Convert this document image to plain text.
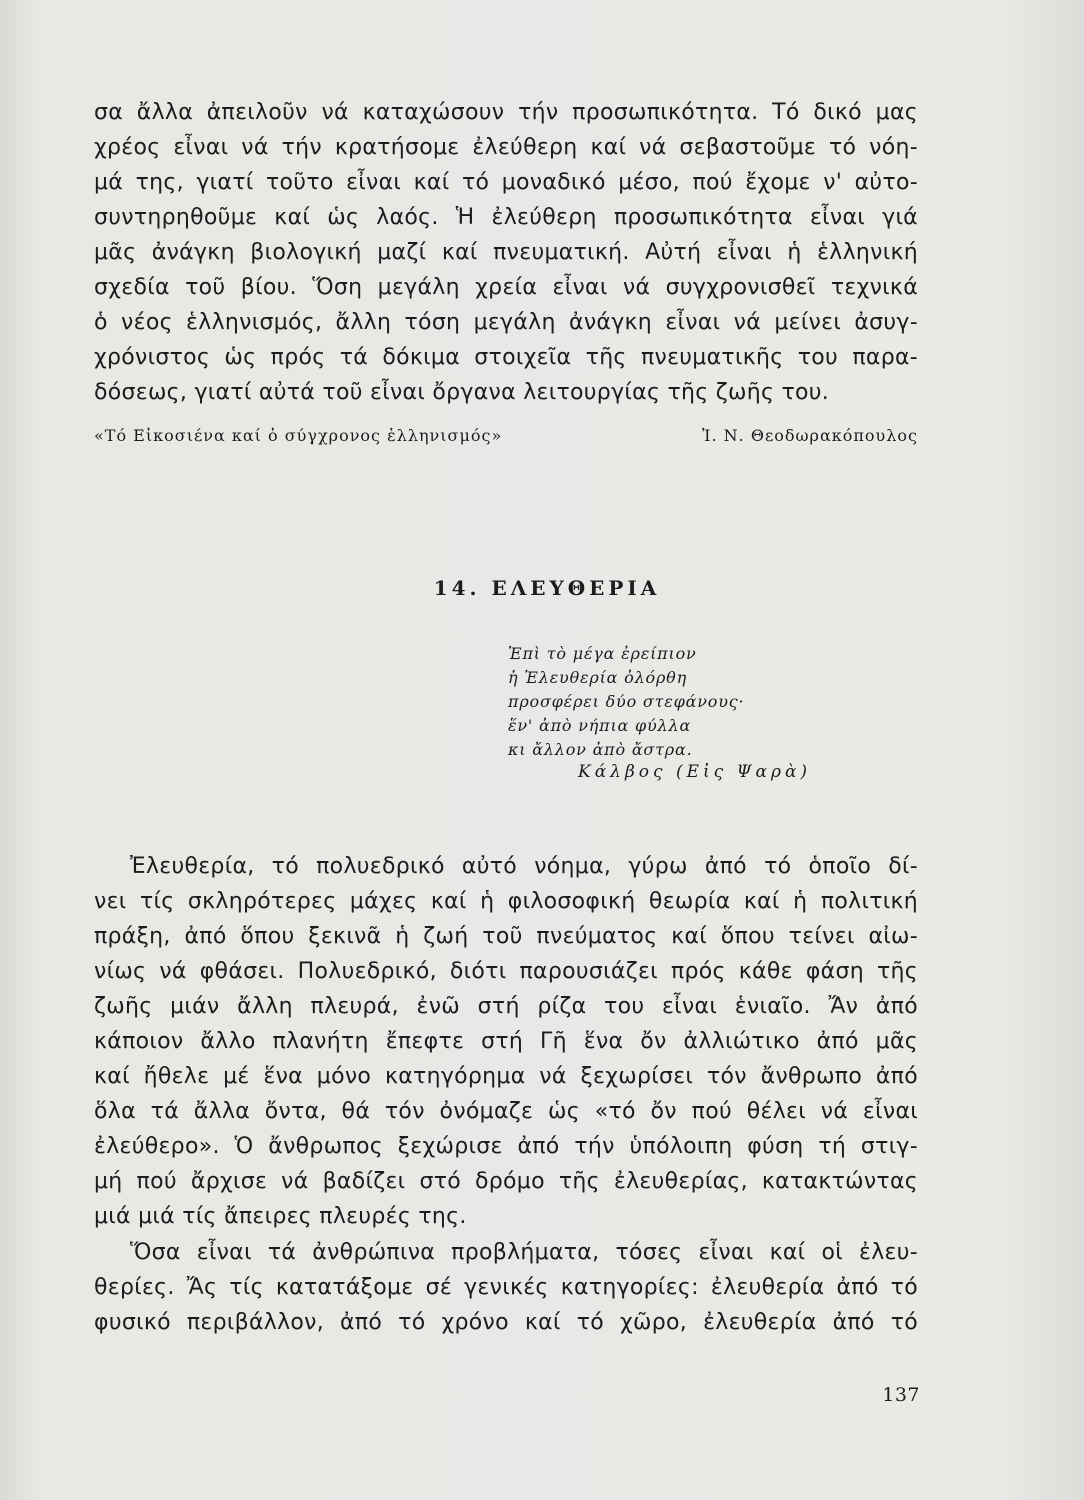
σα ἄλλα ἀπειλοῦν νά καταχώσουν τήν προσωπικότητα. Τό δικό μας
χρέος εἶναι νά τήν κρατήσομε ἐλεύθερη καί νά σεβαστοῦμε τό νόη-
μά της, γιατί τοῦτο εἶναι καί τό μοναδικό μέσο, πού ἔχομε ν' αὐτο-
συντηρηθοῦμε καί ὡς λαός. Ἡ ἐλεύθερη προσωπικότητα εἶναι γιά
μᾶς ἀνάγκη βιολογική μαζί καί πνευματική. Αὐτή εἶναι ἡ ἑλληνική
σχεδία τοῦ βίου. Ὅση μεγάλη χρεία εἶναι νά συγχρονισθεῖ τεχνικά
ὁ νέος ἑλληνισμός, ἄλλη τόση μεγάλη ἀνάγκη εἶναι νά μείνει ἀσυγ-
χρόνιστος ὡς πρός τά δόκιμα στοιχεῖα τῆς πνευματικῆς του παρα-
δόσεως, γιατί αὐτά τοῦ εἶναι ὄργανα λειτουργίας τῆς ζωῆς του.
«Τό Εἰκοσιένα καί ὁ σύγχρονος ἑλληνισμός»	Ἰ. Ν. Θεοδωρακόπουλος
14. ΕΛΕΥΘΕΡΙΑ
Ἐπὶ τὸ μέγα ἐρείπιον
ἡ Ἐλευθερία ὀλόρθη
προσφέρει δύο στεφάνους·
ἕν' ἀπὸ νήπια φύλλα
κι ἄλλον ἀπὸ ἄστρα.
Κάλβος (Εἰς Ψαρὰ)
Ἐλευθερία, τό πολυεδρικό αὐτό νόημα, γύρω ἀπό τό ὁποῖο δί-
νει τίς σκληρότερες μάχες καί ἡ φιλοσοφική θεωρία καί ἡ πολιτική
πράξη, ἀπό ὅπου ξεκινᾶ ἡ ζωή τοῦ πνεύματος καί ὅπου τείνει αἰω-
νίως νά φθάσει. Πολυεδρικό, διότι παρουσιάζει πρός κάθε φάση τῆς
ζωῆς μιάν ἄλλη πλευρά, ἐνῶ στή ρίζα του εἶναι ἑνιαῖο. Ἄν ἀπό
κάποιον ἄλλο πλανήτη ἔπεφτε στή Γῆ ἕνα ὄν ἀλλιώτικο ἀπό μᾶς
καί ἤθελε μέ ἕνα μόνο κατηγόρημα νά ξεχωρίσει τόν ἄνθρωπο ἀπό
ὅλα τά ἄλλα ὄντα, θά τόν ὀνόμαζε ὡς «τό ὄν πού θέλει νά εἶναι
ἐλεύθερο». Ὁ ἄνθρωπος ξεχώρισε ἀπό τήν ὑπόλοιπη φύση τή στιγ-
μή πού ἄρχισε νά βαδίζει στό δρόμο τῆς ἐλευθερίας, κατακτώντας
μιά μιά τίς ἄπειρες πλευρές της.
Ὅσα εἶναι τά ἀνθρώπινα προβλήματα, τόσες εἶναι καί οἱ ἐλευ-
θερίες. Ἄς τίς κατατάξομε σέ γενικές κατηγορίες: ἐλευθερία ἀπό τό
φυσικό περιβάλλον, ἀπό τό χρόνο καί τό χῶρο, ἐλευθερία ἀπό τό
137
